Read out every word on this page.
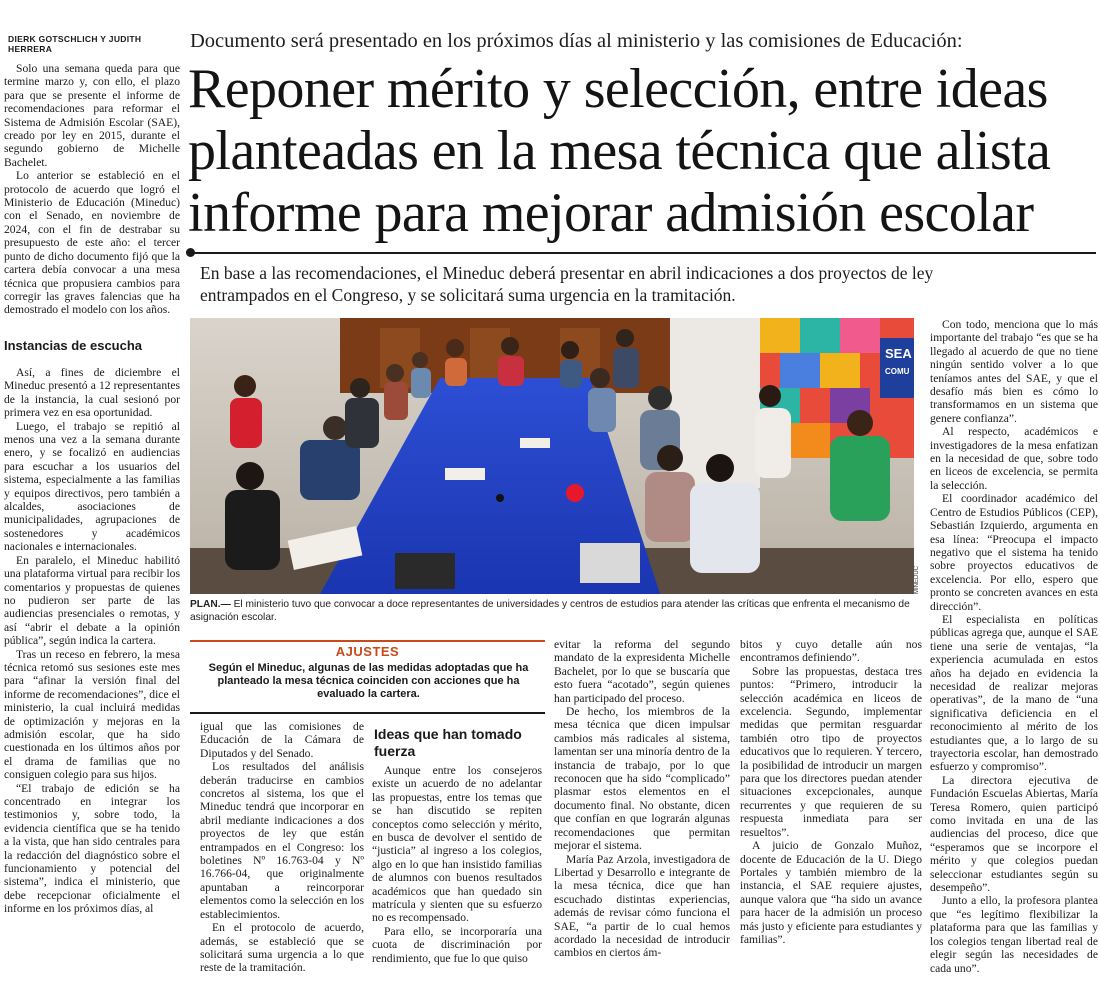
DIERK GOTSCHLICH Y JUDITH HERRERA	Documento será presentado en los próximos días al ministerio y las comisiones de Educación:
Reponer mérito y selección, entre ideas planteadas en la mesa técnica que alista informe para mejorar admisión escolar
En base a las recomendaciones, el Mineduc deberá presentar en abril indicaciones a dos proyectos de ley entrampados en el Congreso, y se solicitará suma urgencia en la tramitación.

Solo una semana queda para que termine marzo y, con ello, el plazo para que se presente el informe de recomendaciones para reformar el Sistema de Admisión Escolar (SAE), creado por ley en 2015, durante el segundo gobierno de Michelle Bachelet.

Lo anterior se estableció en el protocolo de acuerdo que logró el Ministerio de Educación (Mineduc) con el Senado, en noviembre de 2024, con el fin de destrabar su presupuesto de este año: el tercer punto de dicho documento fijó que la cartera debía convocar a una mesa técnica que propusiera cambios para corregir las graves falencias que ha demostrado el modelo con los años.

Instancias de escucha

Así, a fines de diciembre el Mineduc presentó a 12 representantes de la instancia, la cual sesionó por primera vez en esa oportunidad.

Luego, el trabajo se repitió al menos una vez a la semana durante enero, y se focalizó en audiencias para escuchar a los usuarios del sistema, especialmente a las familias y equipos directivos, pero también a alcaldes, asociaciones de municipalidades, agrupaciones de sostenedores y académicos nacionales e internacionales.

En paralelo, el Mineduc habilitó una plataforma virtual para recibir los comentarios y propuestas de quienes no pudieron ser parte de las audiencias presenciales o remotas, y así “abrir el debate a la opinión pública”, según indica la cartera.

Tras un receso en febrero, la mesa técnica retomó sus sesiones este mes para “afinar la versión final del informe de recomendaciones”, dice el ministerio, la cual incluirá medidas de optimización y mejoras en la admisión escolar, que ha sido cuestionada en los últimos años por el drama de familias que no consiguen colegio para sus hijos.

“El trabajo de edición se ha concentrado en integrar los testimonios y, sobre todo, la evidencia científica que se ha tenido a la vista, que han sido centrales para la redacción del diagnóstico sobre el funcionamiento y potencial del sistema”, indica el ministerio, que debe recepcionar oficialmente el informe en los próximos días, al

SEA
COMU
MINEDUC
PLAN.— El ministerio tuvo que convocar a doce representantes de universidades y centros de estudios para atender las críticas que enfrenta el mecanismo de asignación escolar.
AJUSTES
Según el Mineduc, algunas de las medidas adoptadas que ha planteado la mesa técnica coinciden con acciones que ha evaluado la cartera.

igual que las comisiones de Educación de la Cámara de Diputados y del Senado.

Los resultados del análisis deberán traducirse en cambios concretos al sistema, los que el Mineduc tendrá que incorporar en abril mediante indicaciones a dos proyectos de ley que están entrampados en el Congreso: los boletines Nº 16.763-04 y Nº 16.766-04, que originalmente apuntaban a reincorporar elementos como la selección en los establecimientos.

En el protocolo de acuerdo, además, se estableció que se solicitará suma urgencia a lo que reste de la tramitación.

Ideas que han tomado fuerza

Aunque entre los consejeros existe un acuerdo de no adelantar las propuestas, entre los temas que se han discutido se repiten conceptos como selección y mérito, en busca de devolver el sentido de “justicia” al ingreso a los colegios, algo en lo que han insistido familias de alumnos con buenos resultados académicos que han quedado sin matrícula y sienten que su esfuerzo no es recompensado.

Para ello, se incorporaría una cuota de discriminación por rendimiento, que fue lo que quiso

evitar la reforma del segundo mandato de la expresidenta Michelle Bachelet, por lo que se buscaría que esto fuera “acotado”, según quienes han participado del proceso.

De hecho, los miembros de la mesa técnica que dicen impulsar cambios más radicales al sistema, lamentan ser una minoría dentro de la instancia de trabajo, por lo que reconocen que ha sido “complicado” plasmar estos elementos en el documento final. No obstante, dicen que confían en que lograrán algunas recomendaciones que permitan mejorar el sistema.

María Paz Arzola, investigadora de Libertad y Desarrollo e integrante de la mesa técnica, dice que han escuchado distintas experiencias, además de revisar cómo funciona el SAE, “a partir de lo cual hemos acordado la necesidad de introducir cambios en ciertos ám-

bitos y cuyo detalle aún nos encontramos definiendo”.

Sobre las propuestas, destaca tres puntos: “Primero, introducir la selección académica en liceos de excelencia. Segundo, implementar medidas que permitan resguardar también otro tipo de proyectos educativos que lo requieren. Y tercero, la posibilidad de introducir un margen para que los directores puedan atender situaciones excepcionales, aunque recurrentes y que requieren de su respuesta inmediata para ser resueltos”.

A juicio de Gonzalo Muñoz, docente de Educación de la U. Diego Portales y también miembro de la instancia, el SAE requiere ajustes, aunque valora que “ha sido un avance para hacer de la admisión un proceso más justo y eficiente para estudiantes y familias”.

Con todo, menciona que lo más importante del trabajo “es que se ha llegado al acuerdo de que no tiene ningún sentido volver a lo que teníamos antes del SAE, y que el desafío más bien es cómo lo transformamos en un sistema que genere confianza”.

Al respecto, académicos e investigadores de la mesa enfatizan en la necesidad de que, sobre todo en liceos de excelencia, se permita la selección.

El coordinador académico del Centro de Estudios Públicos (CEP), Sebastián Izquierdo, argumenta en esa línea: “Preocupa el impacto negativo que el sistema ha tenido sobre proyectos educativos de excelencia. Por ello, espero que pronto se concreten avances en esta dirección”.

El especialista en políticas públicas agrega que, aunque el SAE tiene una serie de ventajas, “la experiencia acumulada en estos años ha dejado en evidencia la necesidad de realizar mejoras operativas”, de la mano de “una significativa deficiencia en el reconocimiento al mérito de los estudiantes que, a lo largo de su trayectoria escolar, han demostrado esfuerzo y compromiso”.

La directora ejecutiva de Fundación Escuelas Abiertas, María Teresa Romero, quien participó como invitada en una de las audiencias del proceso, dice que “esperamos que se incorpore el mérito y que colegios puedan seleccionar estudiantes según su desempeño”.

Junto a ello, la profesora plantea que “es legítimo flexibilizar la plataforma para que las familias y los colegios tengan libertad real de elegir según las necesidades de cada uno”.
